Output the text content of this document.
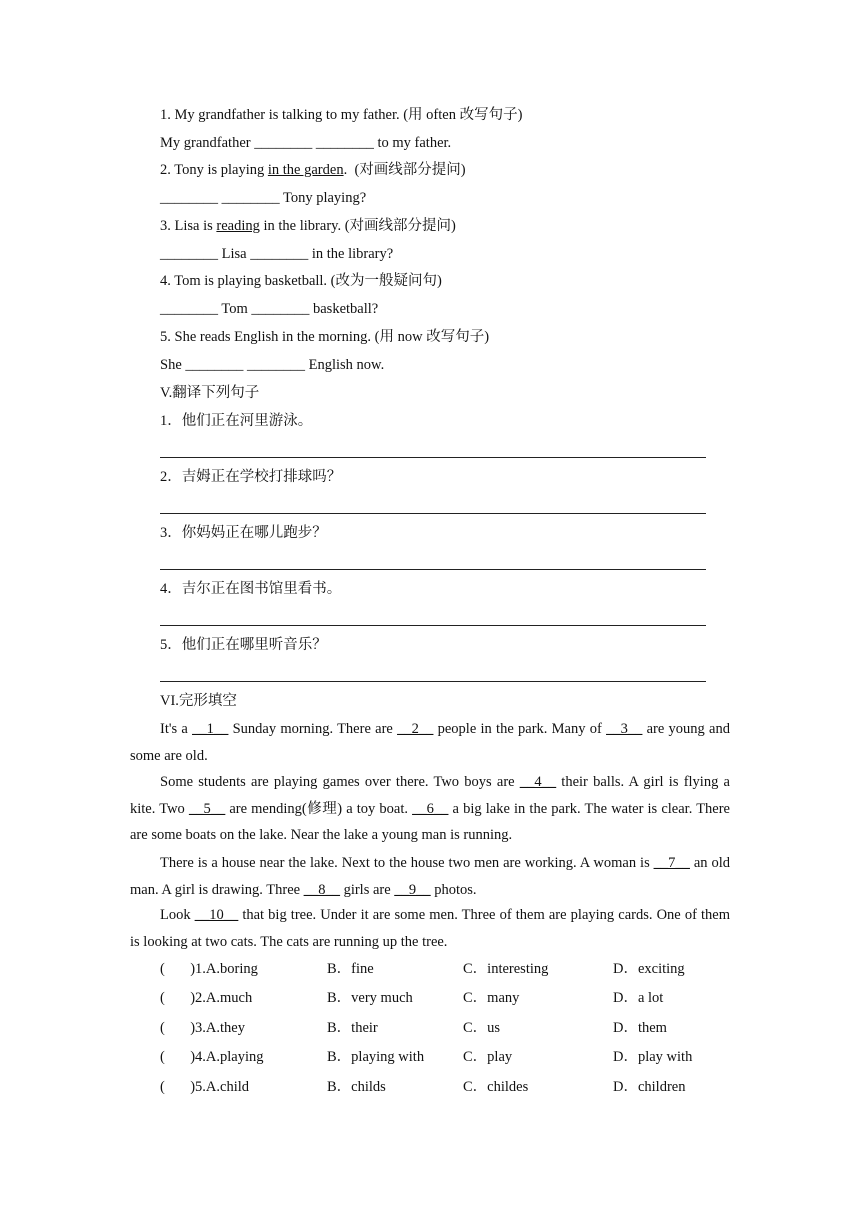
1. My grandfather is talking to my father. (用 often 改写句子)
My grandfather ________ ________ to my father.
2. Tony is playing in the garden.  (对画线部分提问)
________ ________ Tony playing?
3. Lisa is reading in the library. (对画线部分提问)
________ Lisa ________ in the library?
4. Tom is playing basketball. (改为一般疑问句)
________ Tom ________ basketball?
5. She reads English in the morning. (用 now 改写句子)
She ________ ________ English now.
V.翻译下列句子
1．他们正在河里游泳。
2．吉姆正在学校打排球吗？
3．你妈妈正在哪儿跑步？
4．吉尔正在图书馆里看书。
5．他们正在哪里听音乐？
VI.完形填空
It's a __1__ Sunday morning. There are __2__ people in the park. Many of __3__ are young and some are old.
Some students are playing games over there. Two boys are __4__ their balls. A girl is flying a kite. Two __5__ are mending(修理) a toy boat. __6__ a big lake in the park. The water is clear. There are some boats on the lake. Near the lake a young man is running.
There is a house near the lake. Next to the house two men are working. A woman is __7__ an old man. A girl is drawing. Three __8__ girls are __9__ photos.
Look __10__ that big tree. Under it are some men. Three of them are playing cards. One of them is looking at two cats. The cats are running up the tree.
(       )1.A.boring	B．fine	C．interesting	D．exciting
(       )2.A.much	B．very much	C．many	D．a lot
(       )3.A.they	B．their	C．us	D．them
(       )4.A.playing	B．playing with	C．play	D．play with
(       )5.A.child	B．childs	C．childes	D．children
